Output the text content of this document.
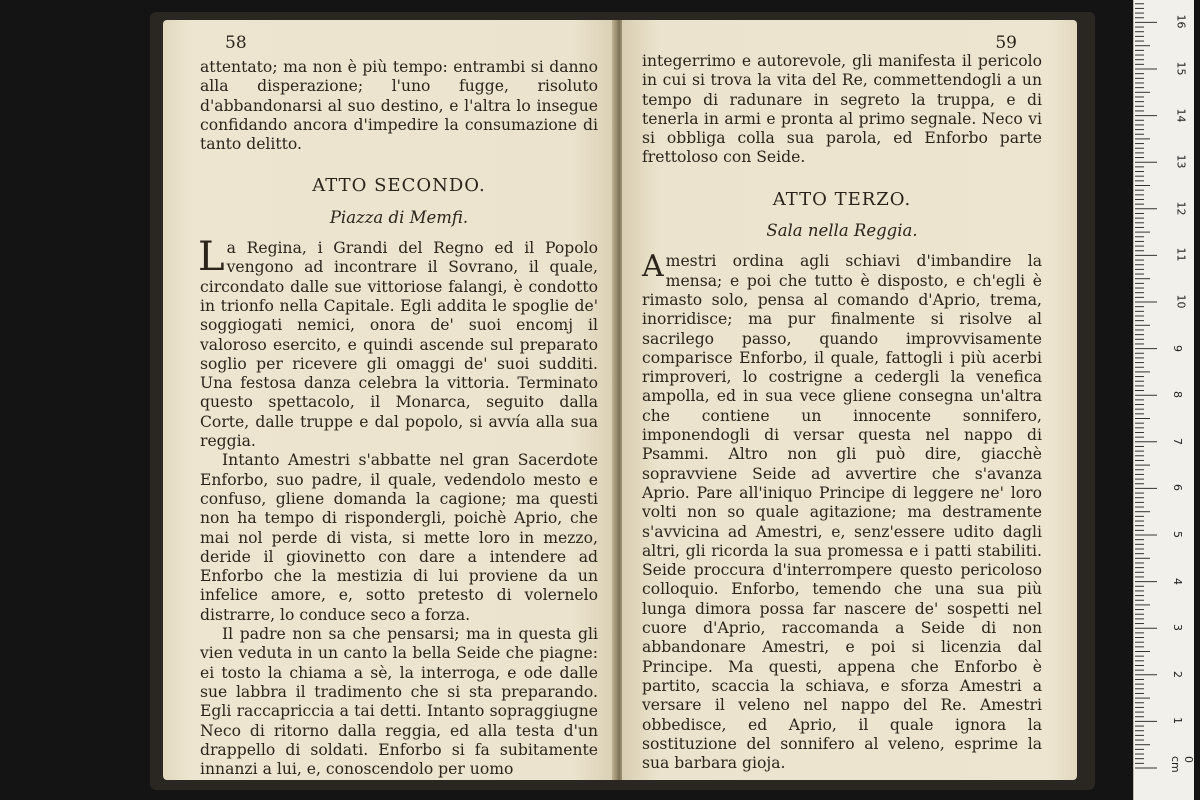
58

attentato; ma non è più tempo: entrambi si danno alla disperazione; l'uno fugge, risoluto d'abbandonarsi al suo destino, e l'altra lo insegue confidando ancora d'impedire la consumazione di tanto delitto.

ATTO SECONDO.

Piazza di Memfi.

La Regina, i Grandi del Regno ed il Popolo vengono ad incontrare il Sovrano, il quale, circondato dalle sue vittoriose falangi, è condotto in trionfo nella Capitale. Egli addita le spoglie de' soggiogati nemici, onora de' suoi encomj il valoroso esercito, e quindi ascende sul preparato soglio per ricevere gli omaggi de' suoi sudditi. Una festosa danza celebra la vittoria. Terminato questo spettacolo, il Monarca, seguito dalla Corte, dalle truppe e dal popolo, si avvía alla sua reggia.

Intanto Amestri s'abbatte nel gran Sacerdote Enforbo, suo padre, il quale, vedendolo mesto e confuso, gliene domanda la cagione; ma questi non ha tempo di rispondergli, poichè Aprio, che mai nol perde di vista, si mette loro in mezzo, deride il giovinetto con dare a intendere ad Enforbo che la mestizia di lui proviene da un infelice amore, e, sotto pretesto di volernelo distrarre, lo conduce seco a forza.

Il padre non sa che pensarsi; ma in questa gli vien veduta in un canto la bella Seide che piagne: ei tosto la chiama a sè, la interroga, e ode dalle sue labbra il tradimento che si sta preparando. Egli raccapriccia a tai detti. Intanto sopraggiugne Neco di ritorno dalla reggia, ed alla testa d'un drappello di soldati. Enforbo si fa subitamente innanzi a lui, e, conoscendolo per uomo

59

integerrimo e autorevole, gli manifesta il pericolo in cui si trova la vita del Re, commettendogli a un tempo di radunare in segreto la truppa, e di tenerla in armi e pronta al primo segnale. Neco vi si obbliga colla sua parola, ed Enforbo parte frettoloso con Seide.

ATTO TERZO.

Sala nella Reggia.

Amestri ordina agli schiavi d'imbandire la mensa; e poi che tutto è disposto, e ch'egli è rimasto solo, pensa al comando d'Aprio, trema, inorridisce; ma pur finalmente si risolve al sacrilego passo, quando improvvisamente comparisce Enforbo, il quale, fattogli i più acerbi rimproveri, lo costrigne a cedergli la venefica ampolla, ed in sua vece gliene consegna un'altra che contiene un innocente sonnifero, imponendogli di versar questa nel nappo di Psammi. Altro non gli può dire, giacchè sopravviene Seide ad avvertire che s'avanza Aprio. Pare all'iniquo Principe di leggere ne' loro volti non so quale agitazione; ma destramente s'avvicina ad Amestri, e, senz'essere udito dagli altri, gli ricorda la sua promessa e i patti stabiliti. Seide proccura d'interrompere questo pericoloso colloquio. Enforbo, temendo che una sua più lunga dimora possa far nascere de' sospetti nel cuore d'Aprio, raccomanda a Seide di non abbandonare Amestri, e poi si licenzia dal Principe. Ma questi, appena che Enforbo è partito, scaccia la schiava, e sforza Amestri a versare il veleno nel nappo del Re. Amestri obbedisce, ed Aprio, il quale ignora la sostituzione del sonnifero al veleno, esprime la sua barbara gioja.

1
2
3
4
5
6
7
8
9
10
11
12
13
14
15
16
0 cm
